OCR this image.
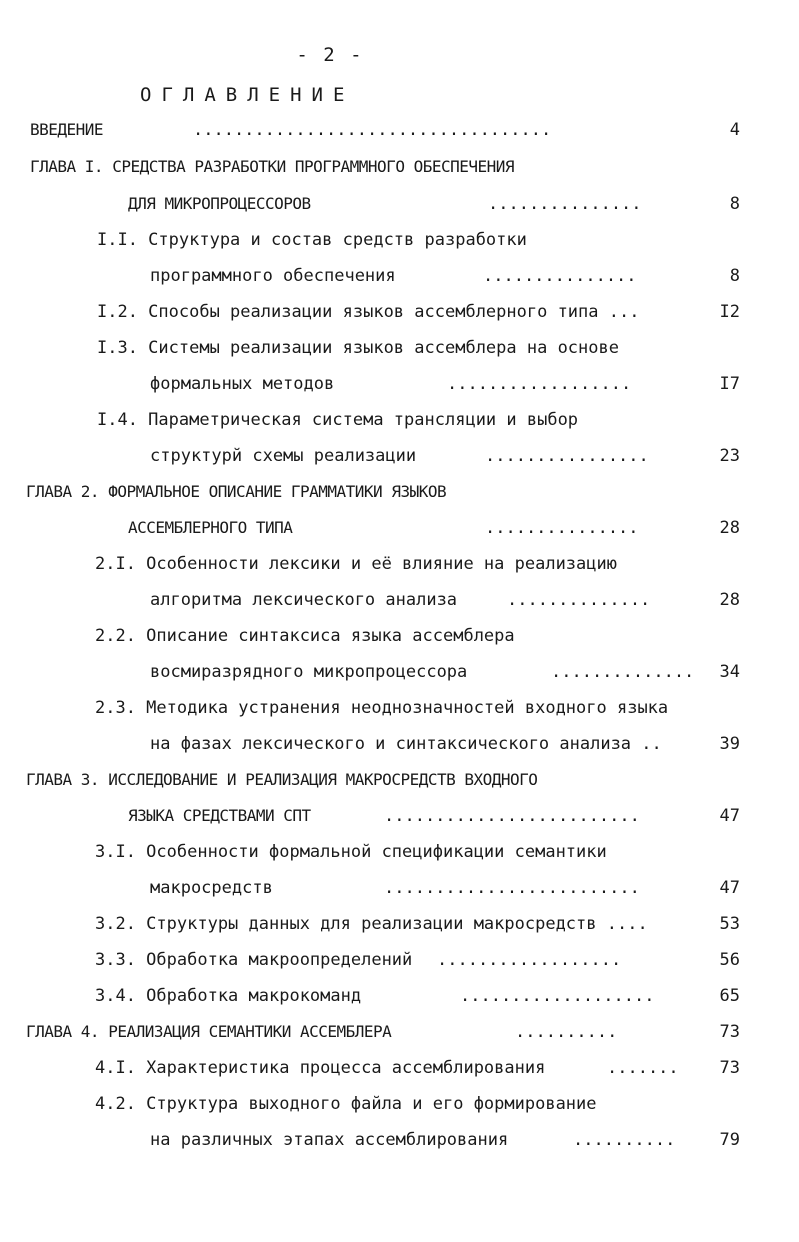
- 2 -
ОГЛАВЛЕНИЕ
ВВЕДЕНИЕ	...................................	4
ГЛАВА I. СРЕДСТВА РАЗРАБОТКИ ПРОГРАММНОГО ОБЕСПЕЧЕНИЯ
ДЛЯ МИКРОПРОЦЕССОРОВ	...............	8
I.I. Структура и состав средств разработки
программного обеспечения	...............	8
I.2. Способы реализации языков ассемблерного типа ...	I2
I.3. Системы реализации языков ассемблера на основе
формальных методов	..................	I7
I.4. Параметрическая система трансляции и выбор
структурй схемы реализации	................	23
ГЛАВА 2. ФОРМАЛЬНОЕ ОПИСАНИЕ ГРАММАТИКИ ЯЗЫКОВ
АССЕМБЛЕРНОГО ТИПА	...............	28
2.I. Особенности лексики и её влияние на реализацию
алгоритма лексического анализа	..............	28
2.2. Описание синтаксиса языка ассемблера
восмиразрядного микропроцессора	..............	34
2.3. Методика устранения неоднозначностей входного языка
на фазах лексического и синтаксического анализа ..	39
ГЛАВА 3. ИССЛЕДОВАНИЕ И РЕАЛИЗАЦИЯ МАКРОСРЕДСТВ ВХОДНОГО
ЯЗЫКА СРЕДСТВАМИ СПТ	.........................	47
3.I. Особенности формальной спецификации семантики
макросредств	.........................	47
3.2. Структуры данных для реализации макросредств ....	53
3.3. Обработка макроопределений ..................	56
3.4. Обработка макрокоманд	...................	65
ГЛАВА 4. РЕАЛИЗАЦИЯ СЕМАНТИКИ АССЕМБЛЕРА	..........	73
4.I. Характеристика процесса ассемблирования	.......	73
4.2. Структура выходного файла и его формирование
на различных этапах ассемблирования	..........	79
